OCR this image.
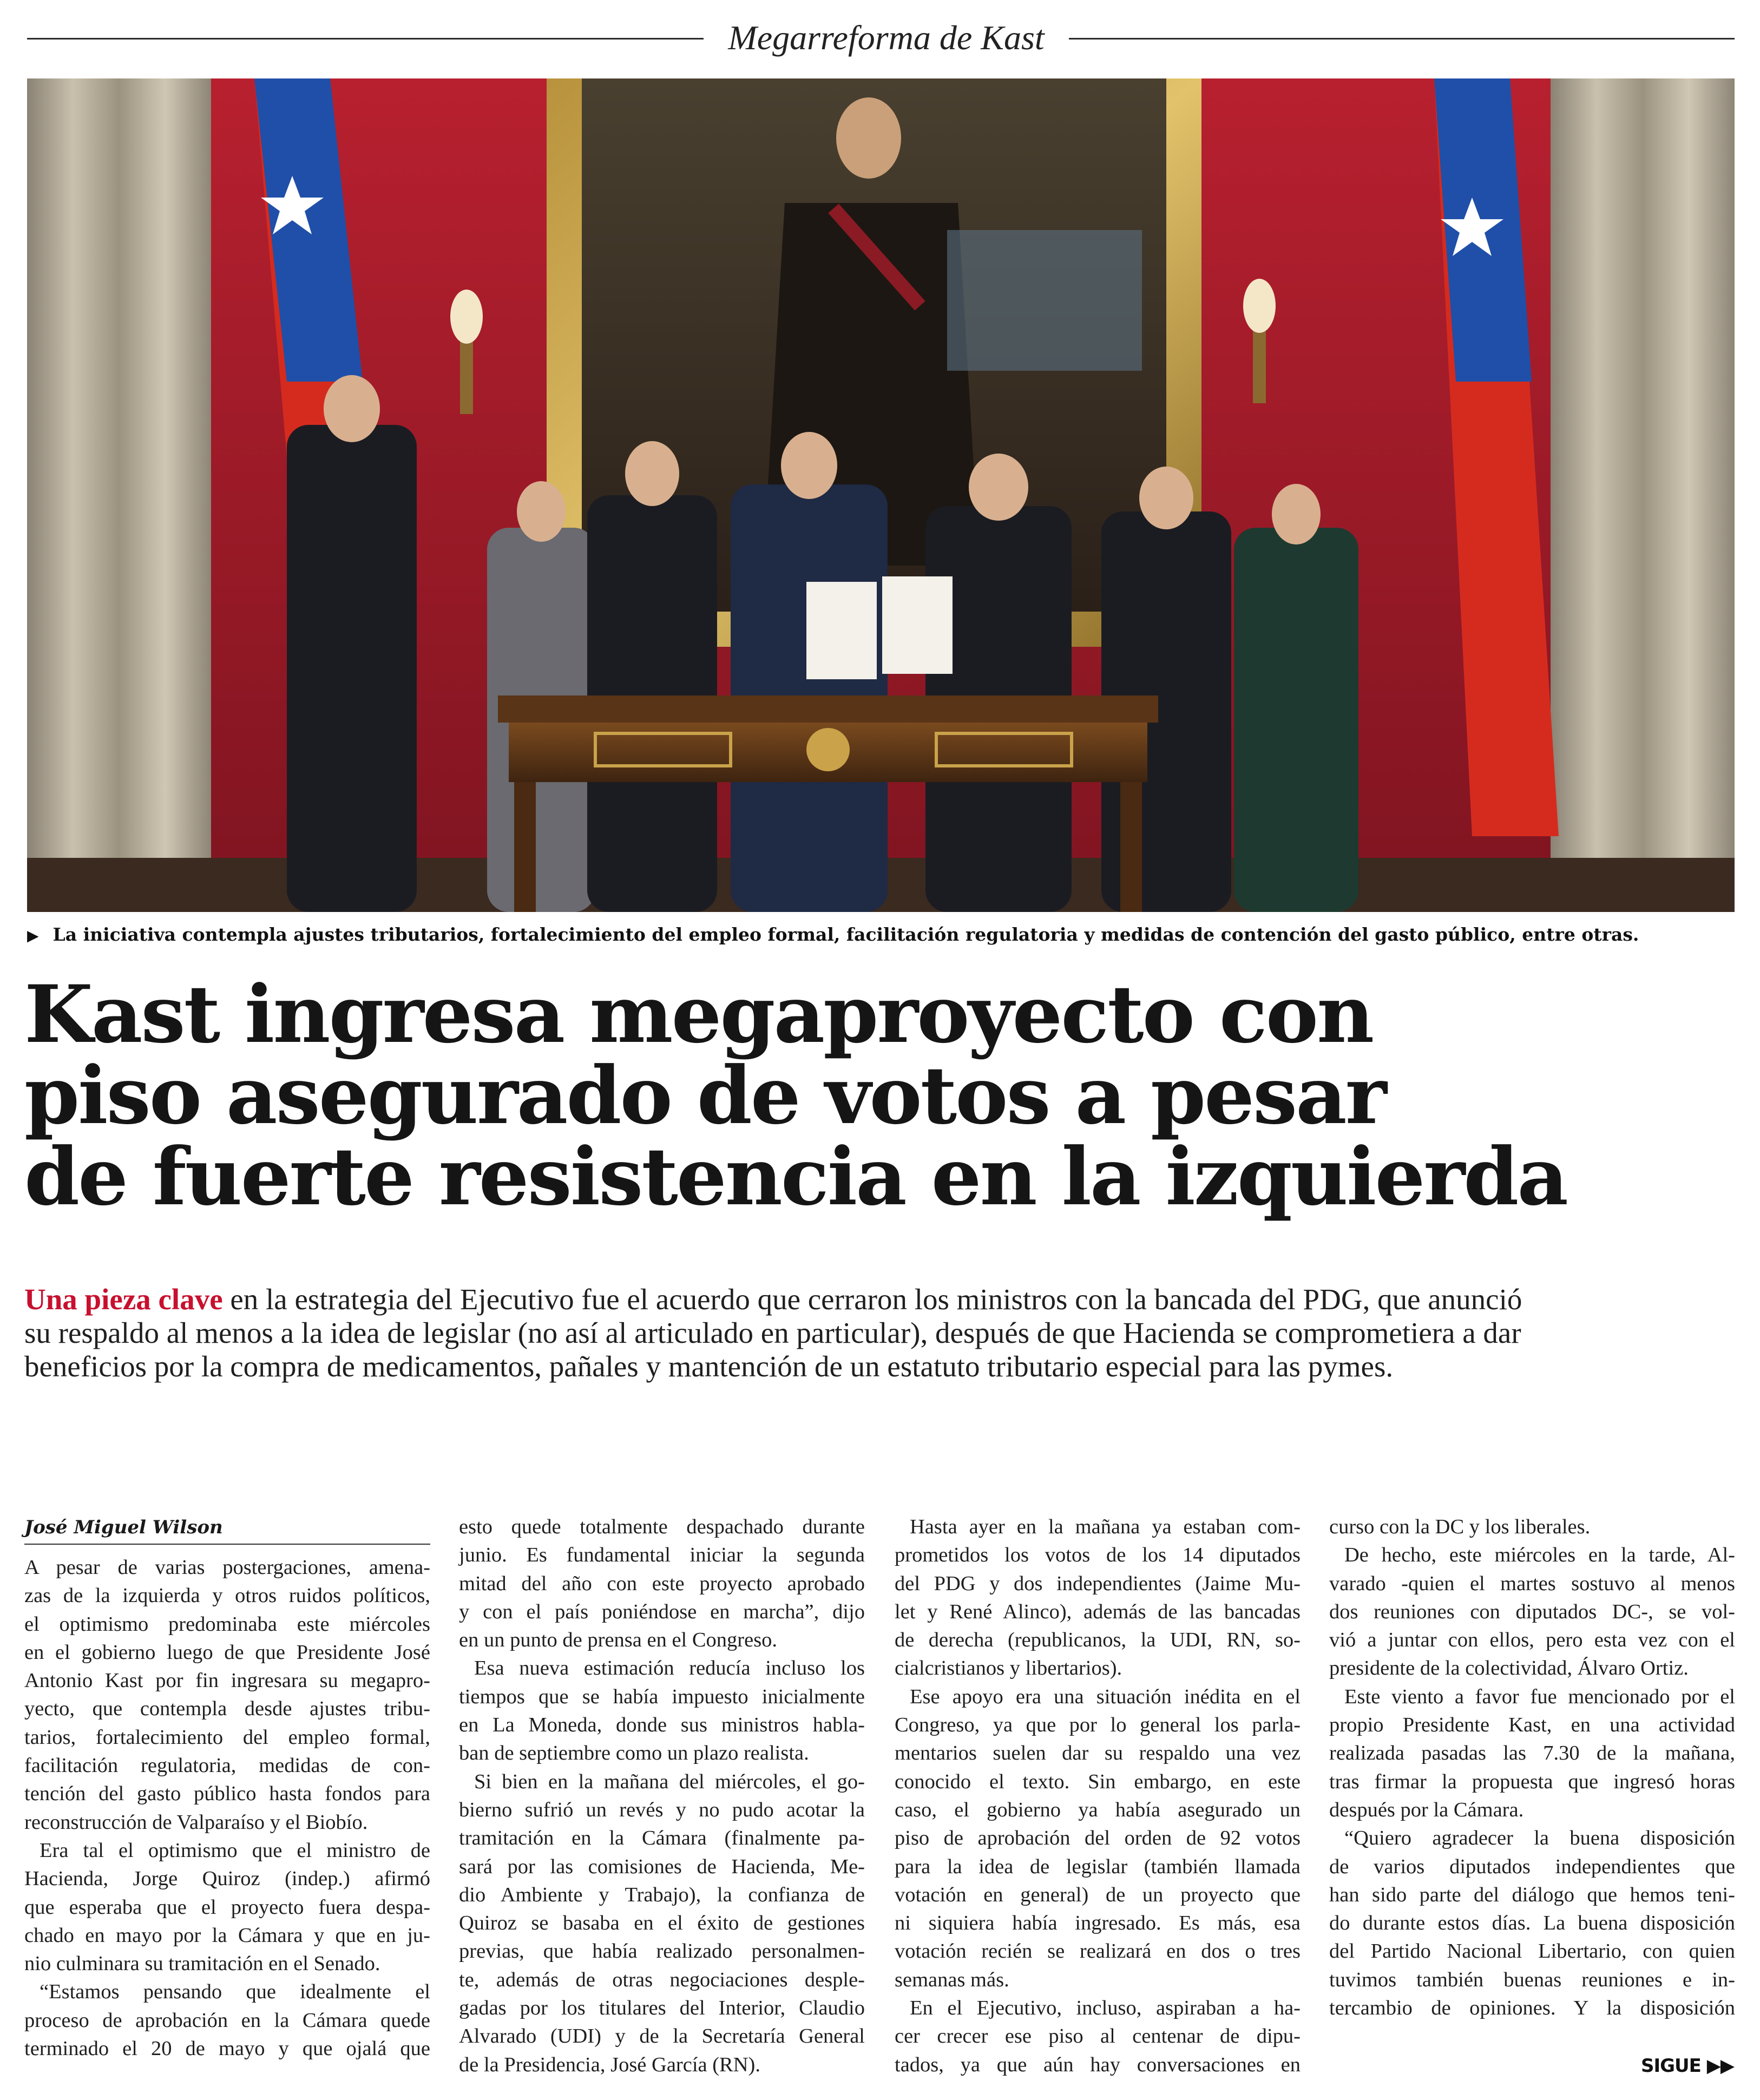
Megarreforma de Kast
▶ La iniciativa contempla ajustes tributarios, fortalecimiento del empleo formal, facilitación regulatoria y medidas de contención del gasto público, entre otras.
Kast ingresa megaproyecto con
piso asegurado de votos a pesar
de fuerte resistencia en la izquierda
Una pieza clave en la estrategia del Ejecutivo fue el acuerdo que cerraron los ministros con la bancada del PDG, que anunció
su respaldo al menos a la idea de legislar (no así al articulado en particular), después de que Hacienda se comprometiera a dar
beneficios por la compra de medicamentos, pañales y mantención de un estatuto tributario especial para las pymes.
José Miguel Wilson
A pesar de varias postergaciones, amena-
zas de la izquierda y otros ruidos políticos,
el optimismo predominaba este miércoles
en el gobierno luego de que Presidente José
Antonio Kast por fin ingresara su megapro-
yecto, que contempla desde ajustes tribu-
tarios, fortalecimiento del empleo formal,
facilitación regulatoria, medidas de con-
tención del gasto público hasta fondos para
reconstrucción de Valparaíso y el Biobío.
Era tal el optimismo que el ministro de
Hacienda, Jorge Quiroz (indep.) afirmó
que esperaba que el proyecto fuera despa-
chado en mayo por la Cámara y que en ju-
nio culminara su tramitación en el Senado.
“Estamos pensando que idealmente el
proceso de aprobación en la Cámara quede
terminado el 20 de mayo y que ojalá que
esto quede totalmente despachado durante
junio. Es fundamental iniciar la segunda
mitad del año con este proyecto aprobado
y con el país poniéndose en marcha”, dijo
en un punto de prensa en el Congreso.
Esa nueva estimación reducía incluso los
tiempos que se había impuesto inicialmente
en La Moneda, donde sus ministros habla-
ban de septiembre como un plazo realista.
Si bien en la mañana del miércoles, el go-
bierno sufrió un revés y no pudo acotar la
tramitación en la Cámara (finalmente pa-
sará por las comisiones de Hacienda, Me-
dio Ambiente y Trabajo), la confianza de
Quiroz se basaba en el éxito de gestiones
previas, que había realizado personalmen-
te, además de otras negociaciones desple-
gadas por los titulares del Interior, Claudio
Alvarado (UDI) y de la Secretaría General
de la Presidencia, José García (RN).
Hasta ayer en la mañana ya estaban com-
prometidos los votos de los 14 diputados
del PDG y dos independientes (Jaime Mu-
let y René Alinco), además de las bancadas
de derecha (republicanos, la UDI, RN, so-
cialcristianos y libertarios).
Ese apoyo era una situación inédita en el
Congreso, ya que por lo general los parla-
mentarios suelen dar su respaldo una vez
conocido el texto. Sin embargo, en este
caso, el gobierno ya había asegurado un
piso de aprobación del orden de 92 votos
para la idea de legislar (también llamada
votación en general) de un proyecto que
ni siquiera había ingresado. Es más, esa
votación recién se realizará en dos o tres
semanas más.
En el Ejecutivo, incluso, aspiraban a ha-
cer crecer ese piso al centenar de dipu-
tados, ya que aún hay conversaciones en
curso con la DC y los liberales.
De hecho, este miércoles en la tarde, Al-
varado -quien el martes sostuvo al menos
dos reuniones con diputados DC-, se vol-
vió a juntar con ellos, pero esta vez con el
presidente de la colectividad, Álvaro Ortiz.
Este viento a favor fue mencionado por el
propio Presidente Kast, en una actividad
realizada pasadas las 7.30 de la mañana,
tras firmar la propuesta que ingresó horas
después por la Cámara.
“Quiero agradecer la buena disposición
de varios diputados independientes que
han sido parte del diálogo que hemos teni-
do durante estos días. La buena disposición
del Partido Nacional Libertario, con quien
tuvimos también buenas reuniones e in-
tercambio de opiniones. Y la disposición
SIGUE ▶▶
